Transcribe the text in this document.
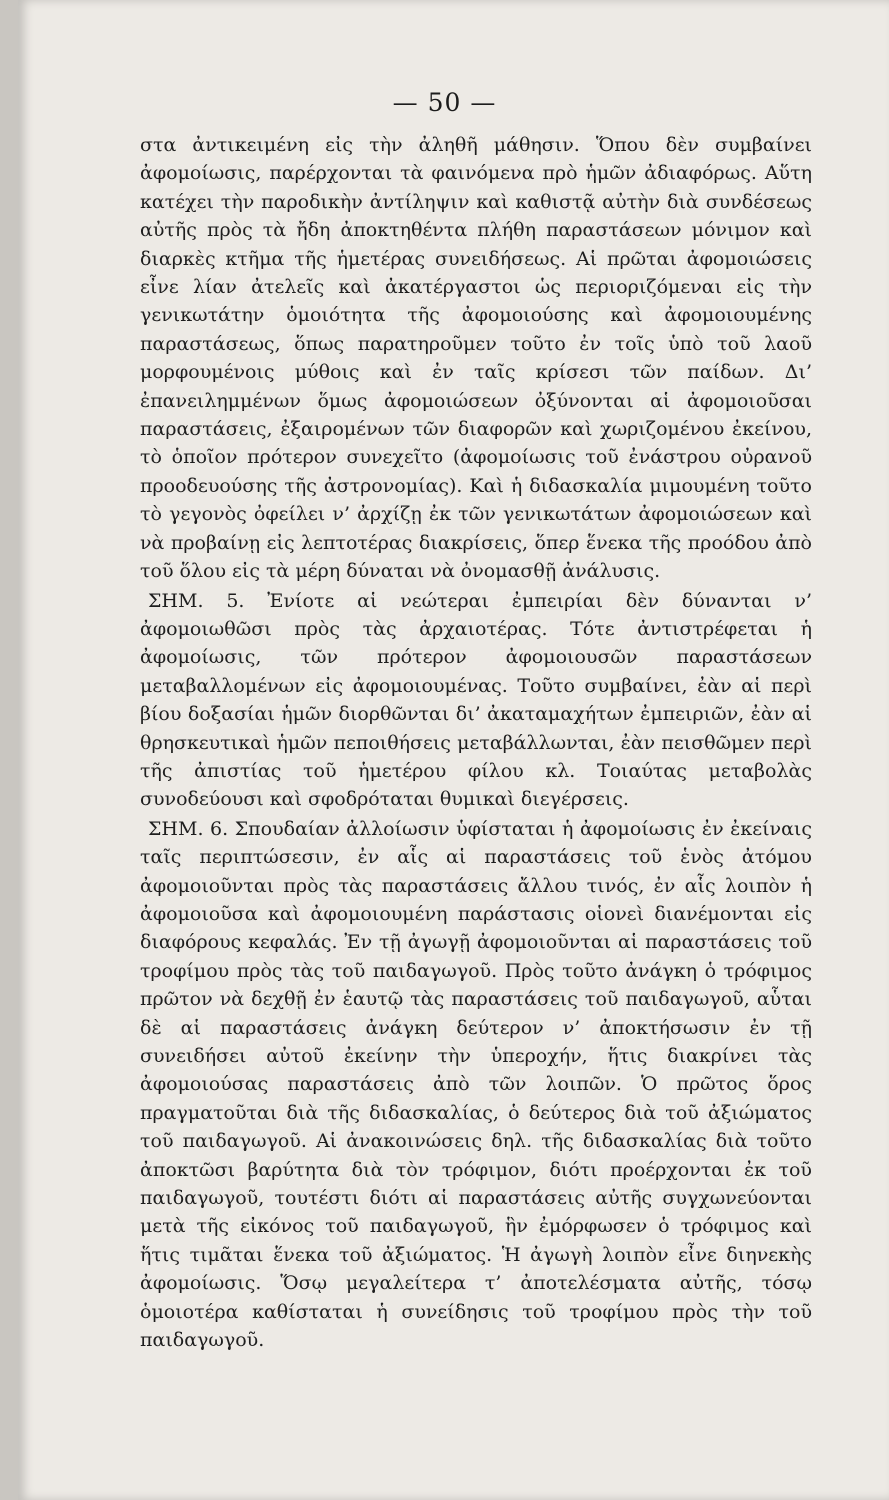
— 50 —

στα ἀντικειμένη εἰς τὴν ἀληθῆ μάθησιν. Ὅπου δὲν συμβαίνει ἀφομοίωσις, παρέρχονται τὰ φαινόμενα πρὸ ἡμῶν ἀδιαφόρως. Αὕτη κατέχει τὴν παροδικὴν ἀντίληψιν καὶ καθιστᾷ αὐτὴν διὰ συνδέσεως αὐτῆς πρὸς τὰ ἤδη ἀποκτηθέντα πλήθη παραστάσεων μόνιμον καὶ διαρκὲς κτῆμα τῆς ἡμετέρας συνειδήσεως. Αἱ πρῶται ἀφομοιώσεις εἶνε λίαν ἀτελεῖς καὶ ἀκατέργαστοι ὡς περιοριζόμεναι εἰς τὴν γενικωτάτην ὁμοιότητα τῆς ἀφομοιούσης καὶ ἀφομοιουμένης παραστάσεως, ὅπως παρατηροῦμεν τοῦτο ἐν τοῖς ὑπὸ τοῦ λαοῦ μορφουμένοις μύθοις καὶ ἐν ταῖς κρίσεσι τῶν παίδων. Δι’ ἐπανειλημμένων ὅμως ἀφομοιώσεων ὀξύνονται αἱ ἀφομοιοῦσαι παραστάσεις, ἐξαιρομένων τῶν διαφορῶν καὶ χωριζομένου ἐκείνου, τὸ ὁποῖον πρότερον συνεχεῖτο (ἀφομοίωσις τοῦ ἐνάστρου οὐρανοῦ προοδευούσης τῆς ἀστρονομίας). Καὶ ἡ διδασκαλία μιμουμένη τοῦτο τὸ γεγονὸς ὀφείλει ν’ ἀρχίζῃ ἐκ τῶν γενικωτάτων ἀφομοιώσεων καὶ νὰ προβαίνῃ εἰς λεπτοτέρας διακρίσεις, ὅπερ ἕνεκα τῆς προόδου ἀπὸ τοῦ ὅλου εἰς τὰ μέρη δύναται νὰ ὀνομασθῇ ἀνάλυσις.

ΣΗΜ. 5. Ἐνίοτε αἱ νεώτεραι ἐμπειρίαι δὲν δύνανται ν’ ἀφομοιωθῶσι πρὸς τὰς ἀρχαιοτέρας. Τότε ἀντιστρέφεται ἡ ἀφομοίωσις, τῶν πρότερον ἀφομοιουσῶν παραστάσεων μεταβαλλομένων εἰς ἀφομοιουμένας. Τοῦτο συμβαίνει, ἐὰν αἱ περὶ βίου δοξασίαι ἡμῶν διορθῶνται δι’ ἀκαταμαχήτων ἐμπειριῶν, ἐὰν αἱ θρησκευτικαὶ ἡμῶν πεποιθήσεις μεταβάλλωνται, ἐὰν πεισθῶμεν περὶ τῆς ἀπιστίας τοῦ ἡμετέρου φίλου κλ. Τοιαύτας μεταβολὰς συνοδεύουσι καὶ σφοδρόταται θυμικαὶ διεγέρσεις.

ΣΗΜ. 6. Σπουδαίαν ἀλλοίωσιν ὑφίσταται ἡ ἀφομοίωσις ἐν ἐκείναις ταῖς περιπτώσεσιν, ἐν αἷς αἱ παραστάσεις τοῦ ἑνὸς ἀτόμου ἀφομοιοῦνται πρὸς τὰς παραστάσεις ἄλλου τινός, ἐν αἷς λοιπὸν ἡ ἀφομοιοῦσα καὶ ἀφομοιουμένη παράστασις οἱονεὶ διανέμονται εἰς διαφόρους κεφαλάς. Ἐν τῇ ἀγωγῇ ἀφομοιοῦνται αἱ παραστάσεις τοῦ τροφίμου πρὸς τὰς τοῦ παιδαγωγοῦ. Πρὸς τοῦτο ἀνάγκη ὁ τρόφιμος πρῶτον νὰ δεχθῇ ἐν ἑαυτῷ τὰς παραστάσεις τοῦ παιδαγωγοῦ, αὗται δὲ αἱ παραστάσεις ἀνάγκη δεύτερον ν’ ἀποκτήσωσιν ἐν τῇ συνειδήσει αὐτοῦ ἐκείνην τὴν ὑπεροχήν, ἥτις διακρίνει τὰς ἀφομοιούσας παραστάσεις ἀπὸ τῶν λοιπῶν. Ὁ πρῶτος ὅρος πραγματοῦται διὰ τῆς διδασκαλίας, ὁ δεύτερος διὰ τοῦ ἀξιώματος τοῦ παιδαγωγοῦ. Αἱ ἀνακοινώσεις δηλ. τῆς διδασκαλίας διὰ τοῦτο ἀποκτῶσι βαρύτητα διὰ τὸν τρόφιμον, διότι προέρχονται ἐκ τοῦ παιδαγωγοῦ, τουτέστι διότι αἱ παραστάσεις αὐτῆς συγχωνεύονται μετὰ τῆς εἰκόνος τοῦ παιδαγωγοῦ, ἣν ἐμόρφωσεν ὁ τρόφιμος καὶ ἥτις τιμᾶται ἕνεκα τοῦ ἀξιώματος. Ἡ ἀγωγὴ λοιπὸν εἶνε διηνεκὴς ἀφομοίωσις. Ὅσῳ μεγαλείτερα τ’ ἀποτελέσματα αὐτῆς, τόσῳ ὁμοιοτέρα καθίσταται ἡ συνείδησις τοῦ τροφίμου πρὸς τὴν τοῦ παιδαγωγοῦ.
